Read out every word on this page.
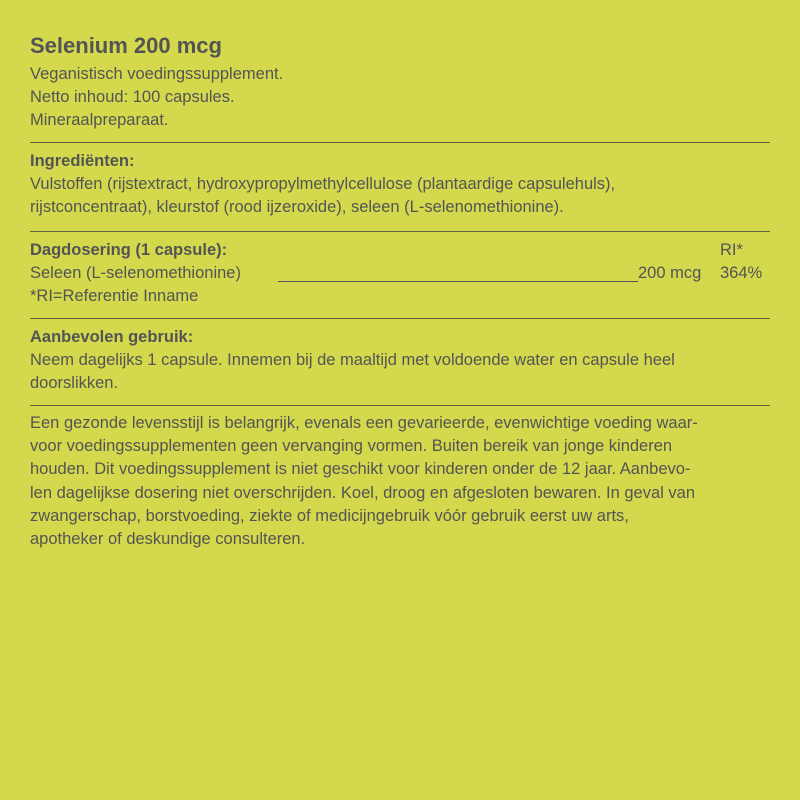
Selenium 200 mcg
Veganistisch voedingssupplement.
Netto inhoud: 100 capsules.
Mineraalpreparaat.
Ingrediënten:
Vulstoffen (rijstextract, hydroxypropylmethylcellulose (plantaardige capsulehuls),
rijstconcentraat), kleurstof (rood ijzeroxide), seleen (L-selenomethionine).
Dagdosering (1 capsule):	RI*
Seleen (L-selenomethionine)	200 mcg 364%
*RI=Referentie Inname
Aanbevolen gebruik:
Neem dagelijks 1 capsule. Innemen bij de maaltijd met voldoende water en capsule heel
doorslikken.
Een gezonde levensstijl is belangrijk, evenals een gevarieerde, evenwichtige voeding waar-
voor voedingssupplementen geen vervanging vormen. Buiten bereik van jonge kinderen
houden. Dit voedingssupplement is niet geschikt voor kinderen onder de 12 jaar. Aanbevo-
len dagelijkse dosering niet overschrijden. Koel, droog en afgesloten bewaren. In geval van
zwangerschap, borstvoeding, ziekte of medicijngebruik vóór gebruik eerst uw arts,
apotheker of deskundige consulteren.
